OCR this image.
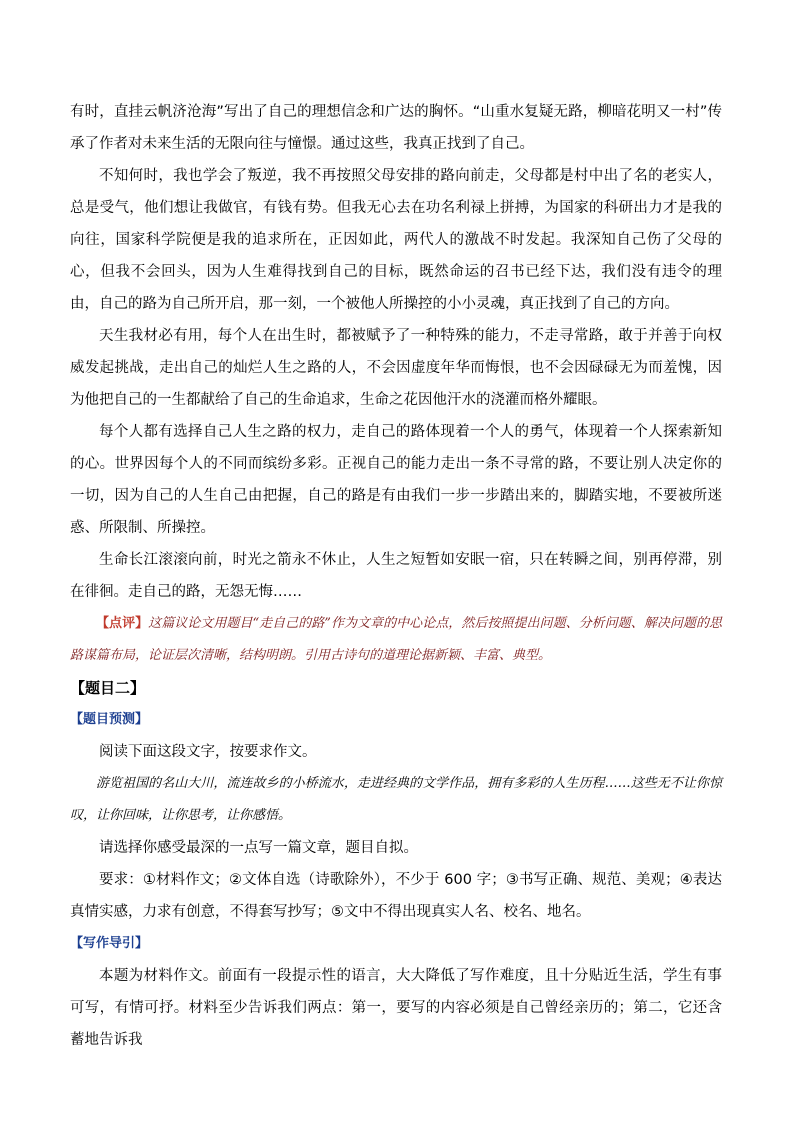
有时，直挂云帆济沧海”写出了自己的理想信念和广达的胸怀。“山重水复疑无路，柳暗花明又一村”传承了作者对未来生活的无限向往与憧憬。通过这些，我真正找到了自己。

不知何时，我也学会了叛逆，我不再按照父母安排的路向前走，父母都是村中出了名的老实人，总是受气，他们想让我做官，有钱有势。但我无心去在功名利禄上拼搏，为国家的科研出力才是我的向往，国家科学院便是我的追求所在，正因如此，两代人的激战不时发起。我深知自己伤了父母的心，但我不会回头，因为人生难得找到自己的目标，既然命运的召书已经下达，我们没有违令的理由，自己的路为自己所开启，那一刻，一个被他人所操控的小小灵魂，真正找到了自己的方向。

天生我材必有用，每个人在出生时，都被赋予了一种特殊的能力，不走寻常路，敢于并善于向权威发起挑战，走出自己的灿烂人生之路的人，不会因虚度年华而悔恨，也不会因碌碌无为而羞愧，因为他把自己的一生都献给了自己的生命追求，生命之花因他汗水的浇灌而格外耀眼。

每个人都有选择自己人生之路的权力，走自己的路体现着一个人的勇气，体现着一个人探索新知的心。世界因每个人的不同而缤纷多彩。正视自己的能力走出一条不寻常的路，不要让别人决定你的一切，因为自己的人生自己由把握，自己的路是有由我们一步一步踏出来的，脚踏实地，不要被所迷惑、所限制、所操控。

生命长江滚滚向前，时光之箭永不休止，人生之短暂如安眠一宿，只在转瞬之间，别再停滞，别在徘徊。走自己的路，无怨无悔……

【点评】这篇议论文用题目“走自己的路”作为文章的中心论点，然后按照提出问题、分析问题、解决问题的思路谋篇布局，论证层次清晰，结构明朗。引用古诗句的道理论据新颖、丰富、典型。

【题目二】

【题目预测】

阅读下面这段文字，按要求作文。

游览祖国的名山大川，流连故乡的小桥流水，走进经典的文学作品，拥有多彩的人生历程……这些无不让你惊叹，让你回味，让你思考，让你感悟。

请选择你感受最深的一点写一篇文章，题目自拟。

要求：①材料作文；②文体自选（诗歌除外），不少于 600 字；③书写正确、规范、美观；④表达真情实感，力求有创意，不得套写抄写；⑤文中不得出现真实人名、校名、地名。

【写作导引】

本题为材料作文。前面有一段提示性的语言，大大降低了写作难度，且十分贴近生活，学生有事可写，有情可抒。材料至少告诉我们两点：第一，要写的内容必须是自己曾经亲历的；第二，它还含蓄地告诉我
